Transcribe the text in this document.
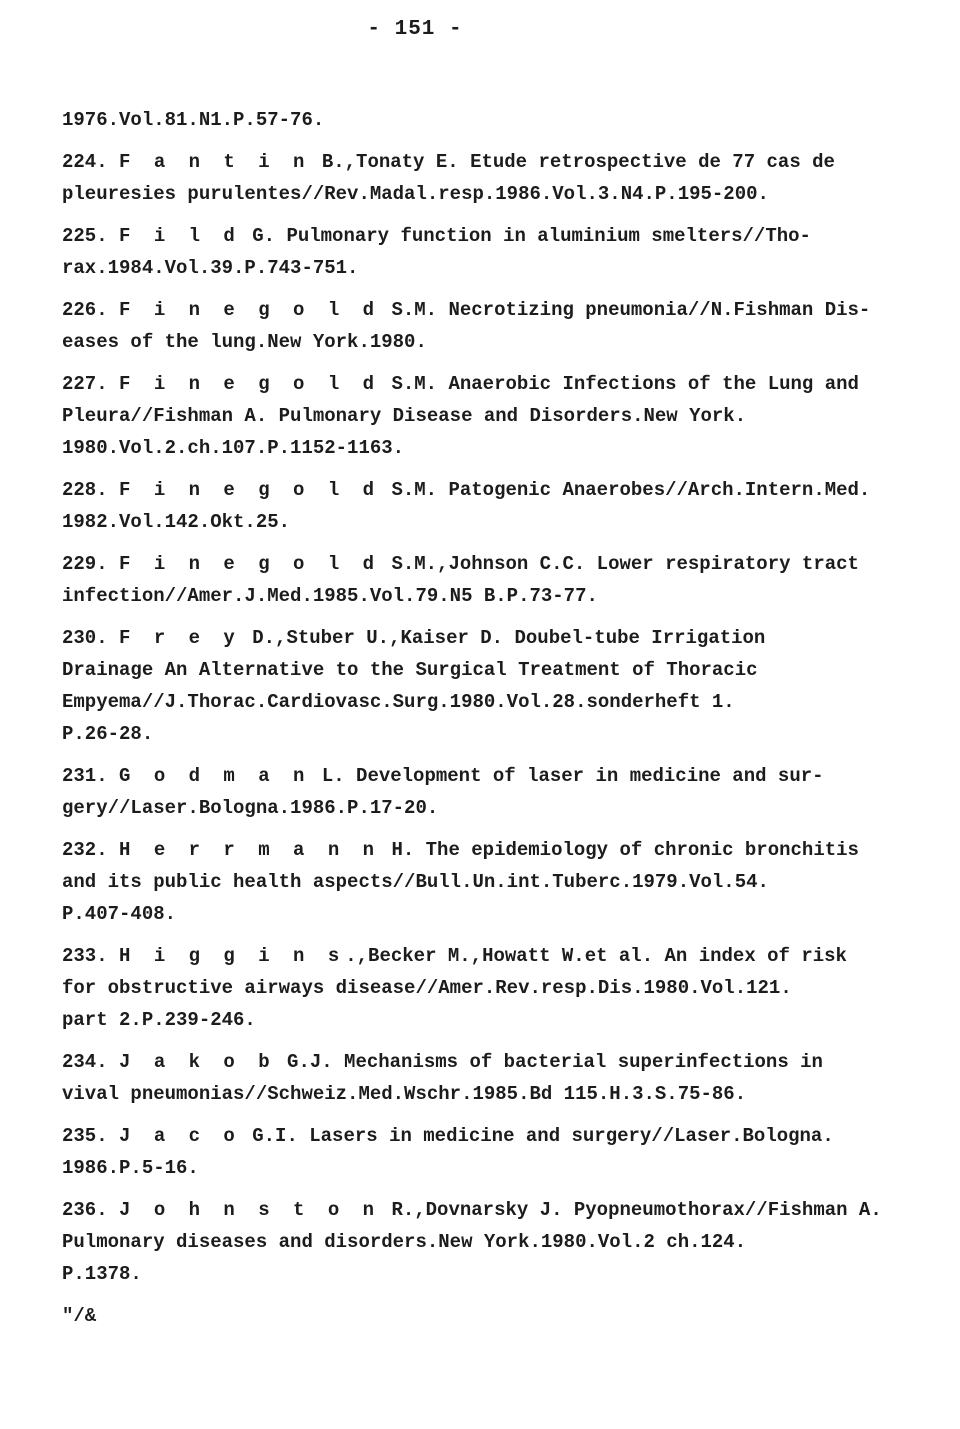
- 151 -
1976.Vol.81.N1.P.57-76.
224. F a n t i n B.,Tonaty E. Etude retrospective de 77 cas de
pleuresies purulentes//Rev.Madal.resp.1986.Vol.3.N4.P.195-200.
225. F i l d G. Pulmonary function in aluminium smelters//Tho-
rax.1984.Vol.39.P.743-751.
226. F i n e g o l d S.M. Necrotizing pneumonia//N.Fishman Dis-
eases of the lung.New York.1980.
227. F i n e g o l d S.M. Anaerobic Infections of the Lung and
Pleura//Fishman A. Pulmonary Disease and Disorders.New York.
1980.Vol.2.ch.107.P.1152-1163.
228. F i n e g o l d S.M. Patogenic Anaerobes//Arch.Intern.Med.
1982.Vol.142.Okt.25.
229. F i n e g o l d S.M.,Johnson C.C. Lower respiratory tract
infection//Amer.J.Med.1985.Vol.79.N5 B.P.73-77.
230. F r e y D.,Stuber U.,Kaiser D. Doubel-tube Irrigation
Drainage An Alternative to the Surgical Treatment of Thoracic
Empyema//J.Thorac.Cardiovasc.Surg.1980.Vol.28.sonderheft 1.
P.26-28.
231. G o d m a n L. Development of laser in medicine and sur-
gery//Laser.Bologna.1986.P.17-20.
232. H e r r m a n n H. The epidemiology of chronic bronchitis
and its public health aspects//Bull.Un.int.Tuberc.1979.Vol.54.
P.407-408.
233. H i g g i n s.,Becker M.,Howatt W.et al. An index of risk
for obstructive airways disease//Amer.Rev.resp.Dis.1980.Vol.121.
part 2.P.239-246.
234. J a k o b G.J. Mechanisms of bacterial superinfections in
vival pneumonias//Schweiz.Med.Wschr.1985.Bd 115.H.3.S.75-86.
235. J a c o G.I. Lasers in medicine and surgery//Laser.Bologna.
1986.P.5-16.
236. J o h n s t o n R.,Dovnarsky J. Pyopneumothorax//Fishman A.
Pulmonary diseases and disorders.New York.1980.Vol.2 ch.124.
P.1378.
"/&
